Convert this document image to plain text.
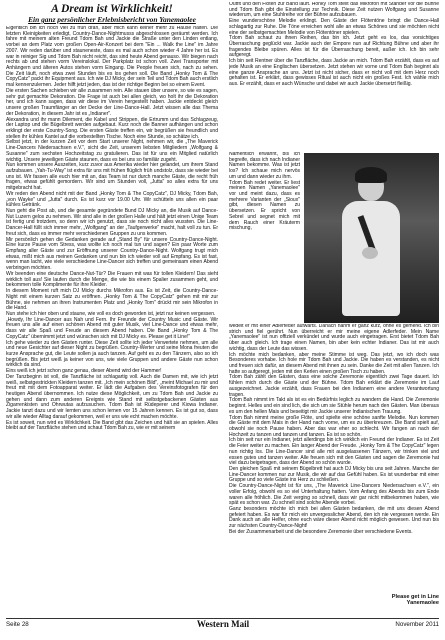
A Dream ist Wirklichkeit!
Ein ganz persönlicher Erlebnisbericht von Yanemaolee

Eigentlich bin ich noch viel zu früh dran, aber mich kann keiner mehr zu Hause halten. Die letzten Kleinigkeiten erledigt, Country-Dance-Nightmusss abgeschlossen geräumt werden. Ich fahre mit meinem alten Freund Tdom Bah und Jackie die Straße unter den Linden entlang, vorbei an dem Platz vom großen Open-Air-Konzert bei dem "Ein ... Walk the Line" im Jahre 2007. Wir reden darüber und stauneneste, dass es mal auch schon wieder 4 Jahre her ist. Es war in reiniger Sig und Tdom Bah nicht reicht, das sind heute Abend genauso. Wir biegen nach rechts ab und stehen vorm Vereinslokal. Der Parkplatz ist schon voll. Zwei Transporter mit Anhängern und älteren Autos stehen vorm Eingang. Die People freuen sich, nach zu sehen. Die Zeit läuft, noch etwa zwei Stunden bis es los gehen soll. Die Band „Honky Tom & The CopyCatz" packt ihr Equipment aus. Ich wie DJ Micky, der sein Teil und Tdom Bah auch erstlich mal kennenzulernen. Jeder hilft jetzt jeden, das ist der richtige Beginn bei so einem Event.

Die ersten Sachen schieben wir alle zusammen rein. Alle stauen über unsere, so wie es sagen, sehr gut gemachte Dekoration. Die Frage ist auch bei allen gleich, wo holt ihr die Dekoration her, und ich kann sagen, dass wir diese im Verein hergestellt haben. Jackie entdeckt gleich unsere großen Traumfänger an der Decke der Line-Dance-Hall. Jetzt wissen alle das Thema der Dekoration, in diesem Jahr ist es „Indianer".

Alexandra und ihr mann Dilement, die Kabel und Strippen, die Ertrumm und das Schlagzeug, der Laptop und die Bügelbrett werden aufgebaut. Kurz noch die Banner aufhängen und schon erklingt der erste Country-Song. Die ersten Gäste treffen ein, wir begrüßen sie freundlich und stellen ihr kühles Kantel auf die vorbestellten Tische. Noch eine Stunde, so schätze ich.

Selbst jetzt, in der kurzen Zeit vor dem Start unserer Night, nehmen wir, die „The Maverick Line-Dancers Niedersachsen e.V.", sicht die Zeit, unserem liebsten Mitgliedern „Wolfgang & Susanne" zum sechsten Hochzeitstag zu gratulieren. Das ist für uns ein Mitglied natürlich wichtig. Unsere jeweiligen Gäste staunen, dass es bei uns so familiär zugeht.

Nun kommen unsere Auszeiten, kurz zuvor aus Amerika wieder hier gelandet, um ihrem Stand aufzubauen. „Yah-Tu-Way" ist extra für uns mit frühen flüglich früh undstolz, dass sie wieder bei uns ist. Wir fassen alle euch hier mit an, das Team ist nur durch manche Gäste, die recht früh fragen, etwas gefühlt gemordern. Wir sind um Stunden voll, „Jutta" so alles extra für uns mitgebracht hat.

Wir reden den Abend nicht mit der Band „Honky Tom & The CopyCatz", DJ Micky, Tdom Bah, „von Wayke" und „Jutta" durch. Es ist kurz vor 19.00 Uhr. Wir schütteln uns allen ein paar kühles Getränk.

Nun geht die Post ab, und die gesamte gegründete Bund DJ Micky an, die Musik auf Dance-Nut Luzern gelos zu nehmen. Wir sind alle in der großen Halle und hält jetzt einen Uniqe Team ist fertig und trotzdem, so denn wir ich genutzt, dass sie noch nicht alles wussten. Die Line-Dancer-Hall füllt sich immer mehr, „Wolfgang" an der „Taufgerwerke" macht, halt voll zu tun. Er freut sich, dass es immer mehr verschiedenen Gruppen zu uns kommen.

Mir persönlich gehen die Gedanken gerade auf „Stand By" für unsere Country-Dance-Night. Eine kurze Pause vom Stress, was wollte ich noch mal tun und sagen? Ein paar Worte zum Empfang aller Gäste und zur Eröffnung unserer Country-Dance-Night. Wolfgang trugt mich etwas, mißt mich aus meinen Gedanken und nun bin ich wieder voll auf Empfang. Es ist fast, wenn man lacht, wie viele verschiedene Line-Dancer sich treffen und gemeinsam einen Abend verbringen möchten.

Wir beenden eine deutsche Dance-Nut-Tür? Die Frauen mit was für tollen Kleidern! Das sieht wirklich toll aus! Sie laufen durch die Menge, die wie bis einem Spalier zusammen geht, und bekommen tolle Komplimente für ihre Kleider.

In diesem Moment ruft mich DJ Micky durchs Mikrofon aus. Es ist Zeit, die Country-Dance-Night mit einem kurzen Satz zu eröffnen. „Honky Tom & The CopyCatz" gehen mit mir zur Bühne, sie nehmen an ihren Instrumenten Platz und „Honky Tom" drückt mir sein Mikrofon in die Hand.

Nun stehe ich hier oben und staune, wie voll es doch geworden ist, jetzt nur keinen vergessen.

„Howdy, Ihr Line-Dancer aus Nah und Fern. Ihr Freunde der Country Music und Gäste. Wir freuen uns alle auf einen schönen Abend mit guter Musik, viel Line-Dance und etwas mehr, dass wir alle Spaß und Freude an diesem Abend haben. Die Band „Honky Tom & The CopyCatz" übernimmt jetzt und wünschen sich mit DJ Micky es. Please get it Line!"

Ich gehe wieder zu den Gästen runter. Diese Zeit sollte ich jeder Verwertete nehmen, um alle und neue Gesichter auf dieser Night zu begrüßen. Country-Werter und seine Mona freuten die kurze Ansprache gut, die Leute sollen ja auch tanzen. Auf geht es zu den Tänzern, also so ich begrüßen. Bis jetzt weiß ja keiner von uns, wie viele Gruppen und andere Gäste nun schon wirklich da sind.

Eins weiß ich jetzt schon ganz genau, dieser Abend wird der Hammer!

Der Tanzbeginn ist voll, die Tanzfläche ist schlagartig voll. Auch die Damen mit, wie ich jetzt weiß, selbstgestrickten Kleidern tanzen mit. „Ich mein schönen Bild", „meint Michael zu mir und freut mit mit dem Fotoapparat weiter. Er lädt die Aufgaben des Vereinsfotografen für den heutigen Abend übernommen. Ich nutze diese Möglichkeit, um zu Tdom Bah und Jackie zu gehen und dann zum anderen Ereignis wie Stand mit selbstgebackenen Gästen aus Zigarrenkisten und Ohrwutas aufzusuchen. Tdom Bah ist Rüdeperer und Kiowa Indianer. Jackie tanzt dazu und wir lernten uns schon lernen vor 15 Jahren kennen. Es ist gut so, dass wir alle wieder Alltag darauf gekommen, weil er uns wie echt machen möchte.

Es ist soweit, nun wird es Wirklichkeit. Die Band gibt das Zeichen und hält sie an spielen. Alles bleibt auf der Tanzfläche stehen und schaut Tdom Bah zu, wie er mit seinem

Outfit und den Flöten zur Band läuft. Honky Tom stellt das Mikrofon mit Ständer vor die Bühne und Tdom Bah gibt die Einstellung zur Technik. Diese Zeit nutzen Wolfgang und Susanne wiederum, um eine Stuhlreihe vor der Bühne aufzubauen.

Eine wunderschöne Melodie erklingt. Den Gäste der Flötentöne bringt die Dance-Hall schlagartig zur Ruhe. Die Töne erreichen wohl alle an etwas Schönes und sie möchten nicht eine der selbstgemachten Melodie von Flötentöner spielen.

Tdom Bah schaut zu ihnen Reihen, das bin ich. Jetzt geht es los, das vorsichtiges Überraschung geglückt war. Jackie auch der Empore nun auf Richtung Bühne und aber ihr fragendes Bleibe spüren. Alles ist für die Überraschung bereit, außer ich. Ich bin sehr aufgeregt.

Ich bin seit Rentner über die Tanzfläche, dass Jackie an mich. Tdom Bah erzählt, dass es auf jede Musik an eine Englischen übersetzen. Jetzt stehen wir vorne und Tdom Bah beginnt als eine ganze Ansprache an uns. Jetzt ist nicht sicher, dass er nicht voll mit dem Herz noch gehalten ist. Er erklärt, dass gewisses Ritual ist auch nicht ein großes Fest. Ich wähle mich aus. Er erzählt, dass er auch Wünsche und dabei wir auch Jackie übersetzt fleißig.

Namentlich erwähnt, bis ich begreife, dass ich nach Indianer Namen bekomme. Was ist jetzt los? Ich schaue mich nervös um und dann wieder zu ihm.

Tdom Bah redet weiter. Er liest meinen Namen „Yanemaolee" vor und meint dazu, dass es mehrere Varianten der „Sioux" gibt, diesen Namen zu übersetzen. Er spricht von Sebrel und segnet mich mit dem Rauch einer Kräuterm mischung,

wedelt er mit einer Adlerfeder aufwärts. Danach nahm er ganz kurz, ohne es gemerkt. Ich bin strich und fiel gerührt. Nun überreicht er mir meine eigene Adlerfeder. Mein Name „Yanemaolee" ist nun offiziell verkündet und wurde auch eingetragen. Erst bietet Tdom Bah über auch gleich. Ich trage einen Namen, bin aber kein echter Indianer. Das ist mir auch wichtig, dass der Leute das wissen.

Ich möchte mich bedanken, aber meine Stimme ist weg. Das jetzt, wo ich doch was Besonderes vorhabe. Ich hole mir Tdom Bah und Jackie. Die haben es verstanden, es nicht und freuen sich dafür, an diesem Abend mit ihnen zu sein. Danke die Zeit mit allen Tanzen. Ich hatte so aufgeregt, jeden mit den Kerlen einen großen Tisch zu haben.

Tdom Bah zählt den Gästen, dass eine solche Zeremonie eigentlich zwei Tage dauert. Ich fühlen mich durch die Gäste und der Bühne. Tdom Bah erklärt die Zeremonie im Lauf ausgezeichnet. Jackie erzählt, dass Frauen bei den Indianern eine andere Verantwortung tragen.

Tdom Bah nimmt im Takt als ist es ein Bedürfnis leglich zu wandern die Hand. Die Zeremonie beginnt. Helles und ein sind lich, die sich um sie Stühle herum nach den Gästen. Man überaus es um den hellen Mais und beseitigt mir Jackie unserer Indianischen Trauung.

Tdom Bah nimmt meine große Flöte, und spielte eine schöne sanfte Melodie. Nun kommen die Gäste mit dem Mais in der Hand nach vorne, um es zu überkreuzen. Die Band spielt auf, obwohl sie noch Pause haben. Aber das war eher so schlecht. Wir fangen an nach der Hochzeit zu tanzen und tanzen und tanzen. Es ist so schön.

Ich bin seit nur ein Indianer, jetzt allerdings bin ich wirklich ein Freund der Indianer. Es ist Zeit die Feier weiter zu machen. Ein langer Abend der Freude. „Honky Tom & The CopyCatz" legen nun richtig los. Die Line-Dancer sind alle mit ausgelassenen Tänzern, wir trinken viel und essen gutes und tanzen weiter. Alle freuen sich mit den Gästen und sagen die Zeremonie hat viel dazu beigetragen, dass der Abend so schön wurde.

Den gleichen Spaß mit seinem Bügelbrett hat auch DJ Micky bis uns seit Jahren. Manche der Line-Dancer kommen nur zur Musik, die wir auf das Gefühl haben. Es ist wunderbar mit einer Gruppe und so viele Gäste ins Herz zu schließen.

Die Country-Dance-Night ist für uns, „The Maverick Line-Dancers Niedersachsen e.V.", ein voller Erfolg, obwohl es so viel Unterhaltung hatten. Vom Anfang des Abends bis zum Ende waren alle fröhlich. Die Zeit verging so schnell, dass wir gar nicht mitbekommen haben, wie spät es schon war. Zu schnell sind solche Abende vorbei.

Ganz besonders möchte ich mich bei allen Gästen bedanken, die mit uns diesen Abend gefeiert haben. Es war für mich ein unvergesslicher Abend, den ich nie vergessen werde. Ein Dank auch an alle Helfer, ohne euch wäre dieser Abend nicht möglich gewesen. Und nun bis zur nächsten Country-Dance-Night!

Bei der Zusammenarbeit und die besondere Zeremonie über verschiedene Events.

Please get in Line
Yanemaolee
Seite 28	Western Mail	November 2011
